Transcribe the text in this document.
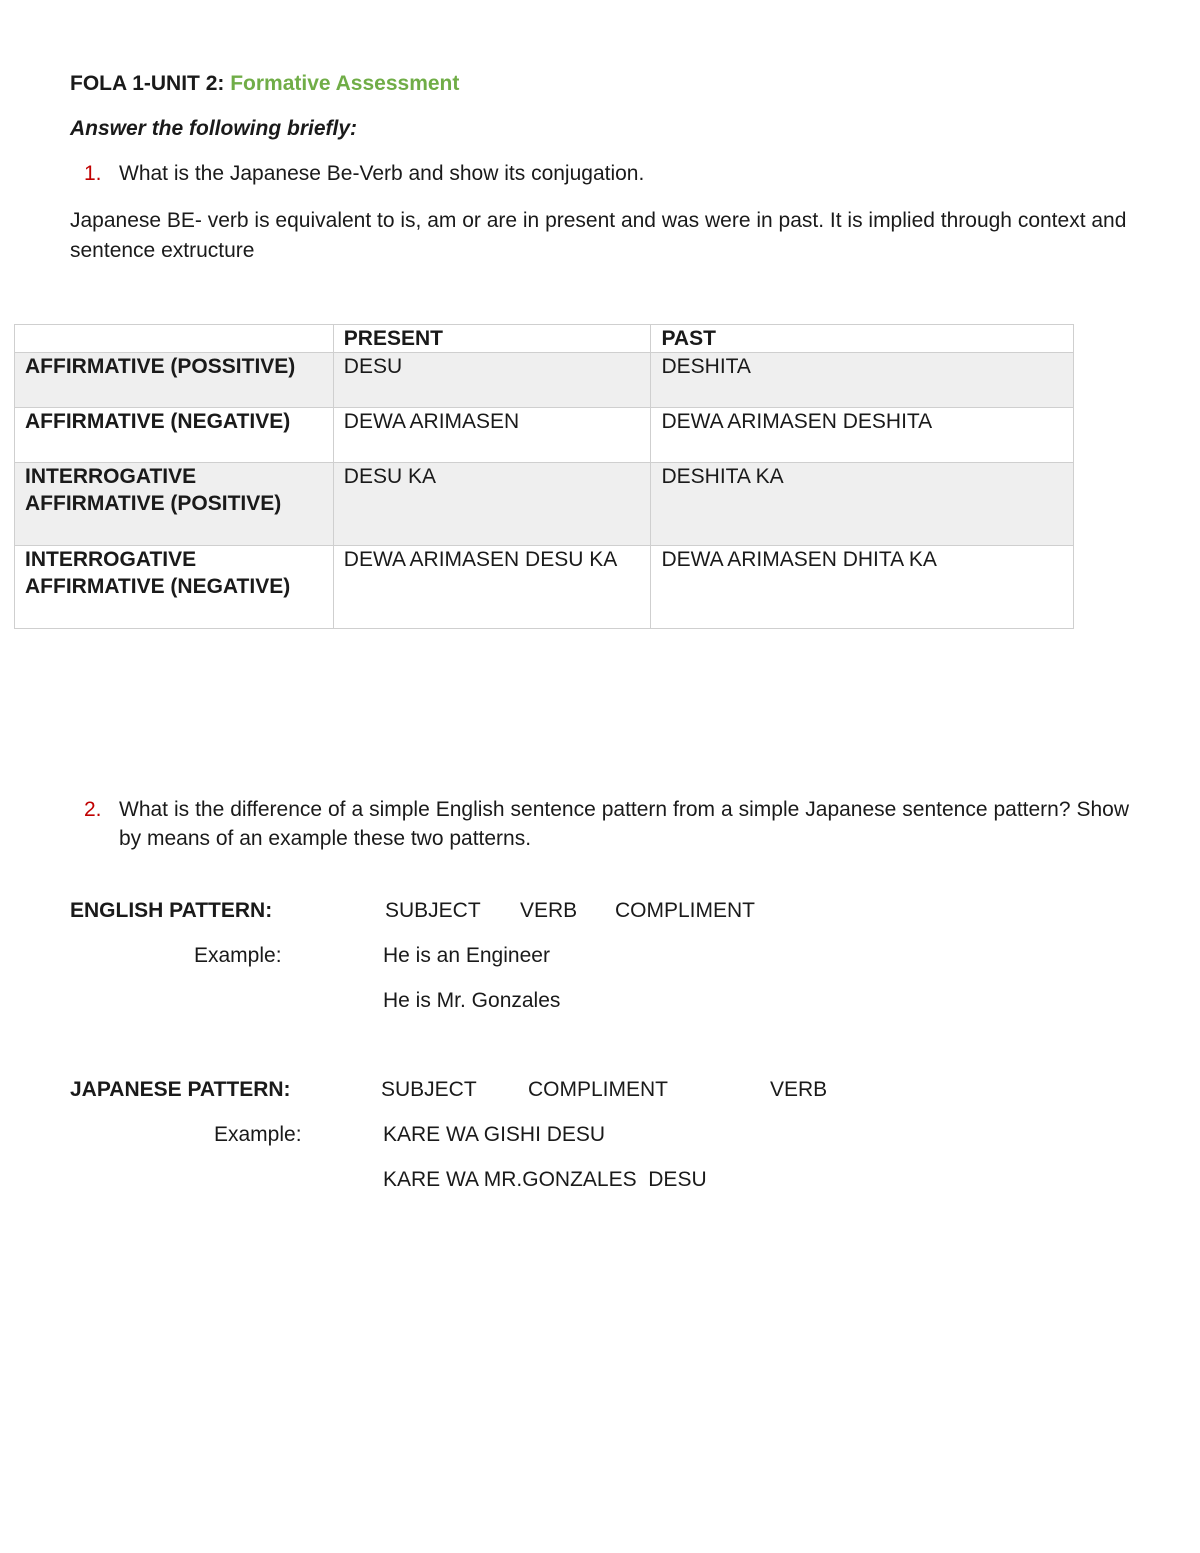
FOLA 1-UNIT 2: Formative Assessment
Answer the following briefly:
1. What is the Japanese Be-Verb and show its conjugation.
Japanese BE- verb is equivalent to is, am or are in present and was were in past. It is implied through context and sentence extructure
	PRESENT	PAST
AFFIRMATIVE (POSSITIVE)	DESU	DESHITA
AFFIRMATIVE (NEGATIVE)	DEWA ARIMASEN	DEWA ARIMASEN DESHITA
INTERROGATIVE AFFIRMATIVE (POSITIVE)	DESU KA	DESHITA KA
INTERROGATIVE AFFIRMATIVE (NEGATIVE)	DEWA ARIMASEN DESU KA	DEWA ARIMASEN DHITA KA
2. What is the difference of a simple English sentence pattern from a simple Japanese sentence pattern? Show by means of an example these two patterns.
ENGLISH PATTERN:	SUBJECT VERB COMPLIMENT
Example:	He is an Engineer
He is Mr. Gonzales
JAPANESE PATTERN:	SUBJECT COMPLIMENT	VERB
Example:	KARE WA GISHI DESU
KARE WA MR.GONZALES  DESU
